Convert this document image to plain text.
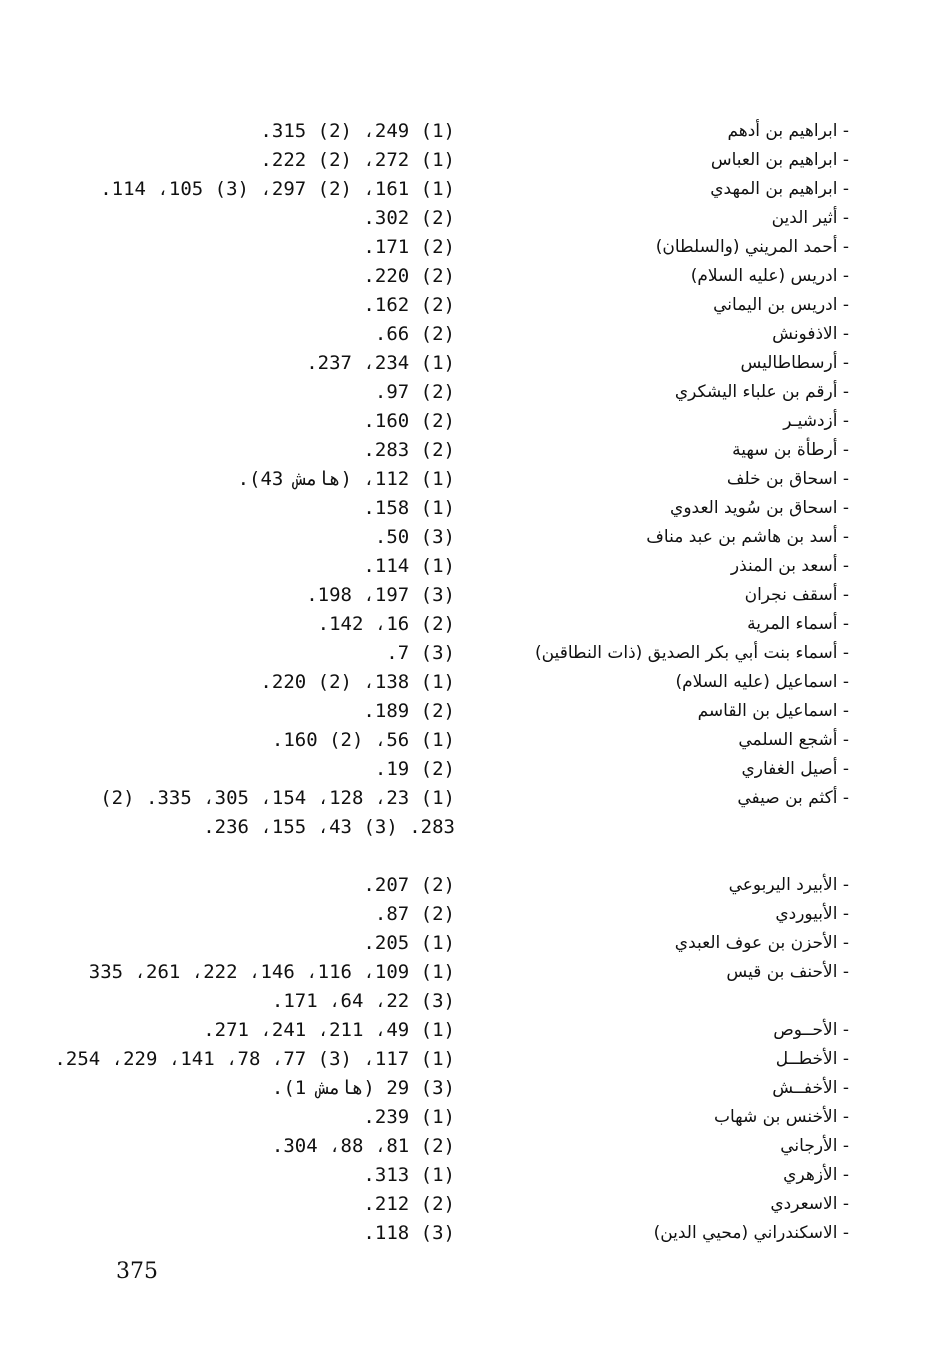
- ابراهيم بن أدهم
(1) 249، (2) 315.
- ابراهيم بن العباس
(1) 272، (2) 222.
- ابراهيم بن المهدي
(1) 161، (2) 297، (3) 105، 114.
- أثير الدين
(2) 302.
- أحمد المريني (والسلطان)
(2) 171.
- ادريس (عليه السلام)
(2) 220.
- ادريس بن اليماني
(2) 162.
- الاذفونش
(2) 66.
- أرسطاطاليس
(1) 234، 237.
- أرقم بن علباء اليشكري
(2) 97.
- أزدشيـر
(2) 160.
- أرطأة بن سهية
(2) 283.
- اسحاق بن خلف
(1) 112، (هامش 43).
- اسحاق بن سُويد العدوي
(1) 158.
- أسد بن هاشم بن عبد مناف
(3) 50.
- أسعد بن المنذر
(1) 114.
- أسقف نجران
(3) 197، 198.
- أسماء المرية
(2) 16، 142.
- أسماء بنت أبي بكر الصديق (ذات النطاقين)
(3) 7.
- اسماعيل (عليه السلام)
(1) 138، (2) 220.
- اسماعيل بن القاسم
(2) 189.
- أشجع السلمي
(1) 56، (2) 160.
- أصيل الغفاري
(2) 19.
- أكثم بن صيفي
(1) 23، 128، 154، 305، 335. (2)
283. (3) 43، 155، 236.
- الأبيرد اليربوعي
(2) 207.
- الأبيوردي
(2) 87.
- الأحزن بن عوف العبدي
(1) 205.
- الأحنف بن قيس
(1) 109، 116، 146، 222، 261، 335
(3) 22، 64، 171.
- الأحــوص
(1) 49، 211، 241، 271.
- الأخطــل
(1) 117، (3) 77، 78، 141، 229، 254.
- الأخفــش
(3) 29 (هامش 1).
- الأخنس بن شهاب
(1) 239.
- الأرجاني
(2) 81، 88، 304.
- الأزهري
(1) 313.
- الاسعردي
(2) 212.
- الاسكندراني (محيي الدين)
(3) 118.
375
